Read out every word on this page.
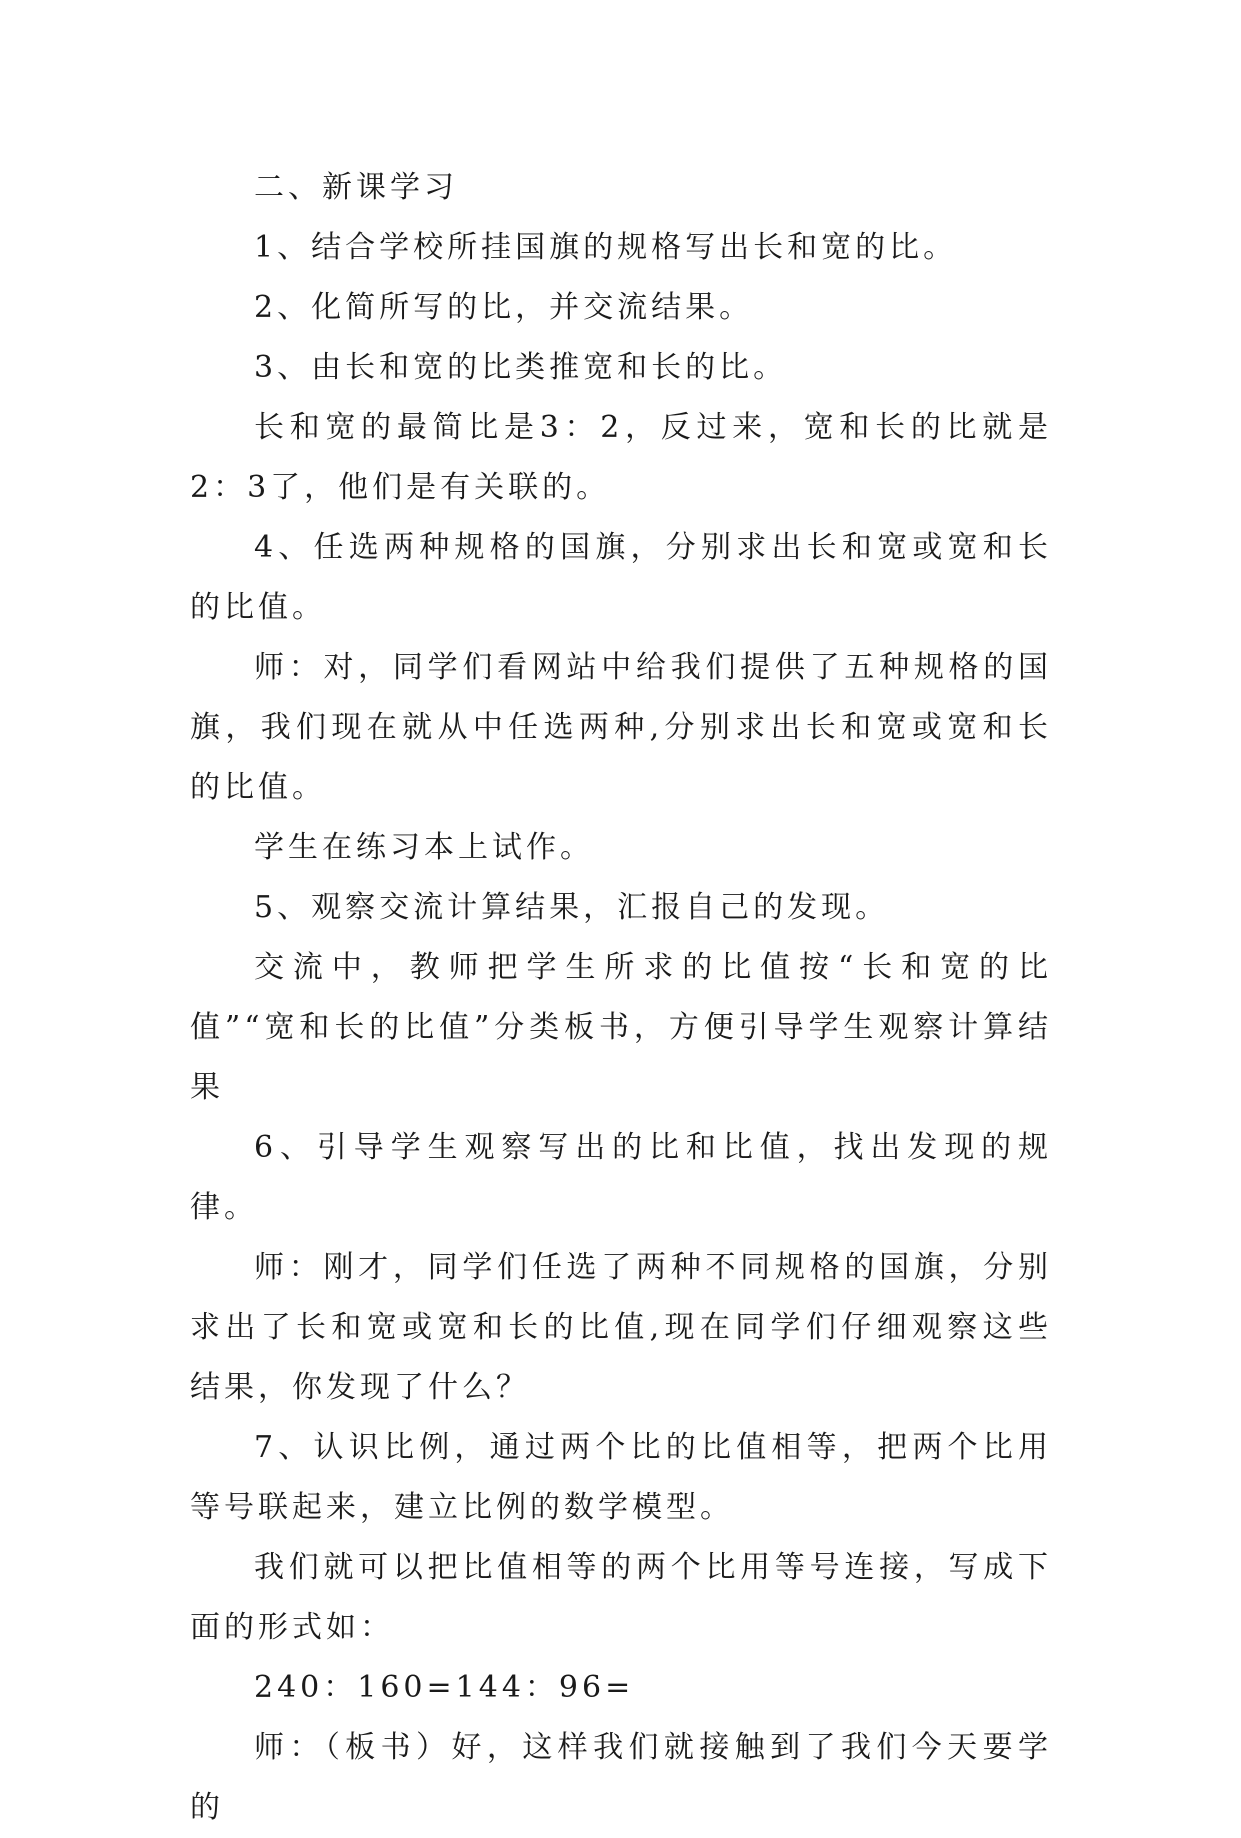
二、新课学习

1、结合学校所挂国旗的规格写出长和宽的比。

2、化简所写的比，并交流结果。

3、由长和宽的比类推宽和长的比。

长和宽的最简比是3：2，反过来，宽和长的比就是2：3了，他们是有关联的。

4、任选两种规格的国旗，分别求出长和宽或宽和长的比值。

师：对，同学们看网站中给我们提供了五种规格的国旗，我们现在就从中任选两种,分别求出长和宽或宽和长的比值。

学生在练习本上试作。

5、观察交流计算结果，汇报自己的发现。

交流中，教师把学生所求的比值按“长和宽的比值”“宽和长的比值”分类板书，方便引导学生观察计算结果

6、引导学生观察写出的比和比值，找出发现的规律。

师：刚才，同学们任选了两种不同规格的国旗，分别求出了长和宽或宽和长的比值,现在同学们仔细观察这些结果，你发现了什么？

7、认识比例，通过两个比的比值相等，把两个比用等号联起来，建立比例的数学模型。

我们就可以把比值相等的两个比用等号连接，写成下面的形式如：

240：160=144：96=

师：（板书）好，这样我们就接触到了我们今天要学的
